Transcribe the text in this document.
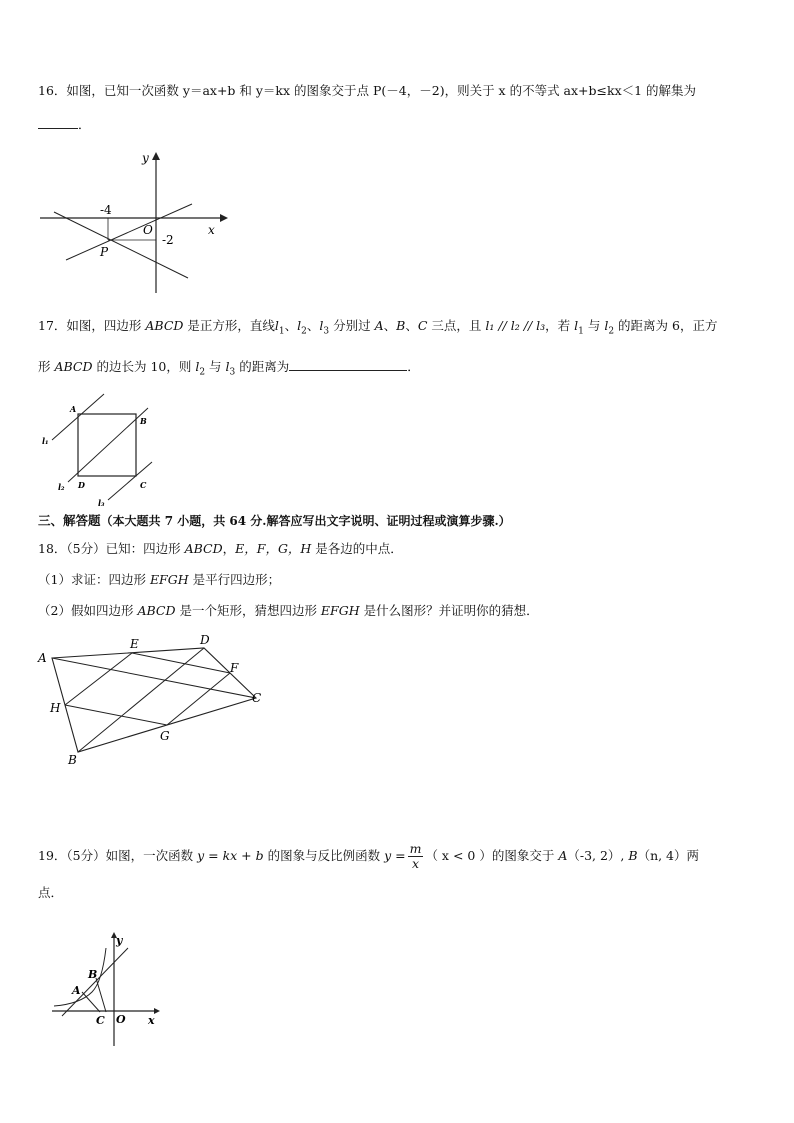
16．如图，已知一次函数 y＝ax+b 和 y＝kx 的图象交于点 P(－4，－2)，则关于 x 的不等式 ax+b≤kx＜1 的解集为
．
y
x
O
-4
-2
P
17．如图，四边形 ABCD 是正方形，直线$l_1$、$l_2$、$l_3$ 分别过 A、B、C 三点，且 l₁ // l₂ // l₃，若 $l_1$ 与 $l_2$ 的距离为 6，正方
形 ABCD 的边长为 10，则 $l_2$ 与 $l_3$ 的距离为	．
A
B
C
D
l₁
l₂
l₃
三、解答题（本大题共 7 小题，共 64 分.解答应写出文字说明、证明过程或演算步骤.）
18．（5分）已知：四边形 ABCD，E，F，G，H 是各边的中点．
（1）求证：四边形 EFGH 是平行四边形；
（2）假如四边形 ABCD 是一个矩形，猜想四边形 EFGH 是什么图形？并证明你的猜想．
A
B
C
D
E
F
G
H
19．（5分）如图，一次函数 y = kx + b 的图象与反比例函数 $y = \frac{m}{x}$ （ x < 0 ）的图象交于 A（-3, 2）, B（n, 4）两
点．
y
x
O
A
B
C
